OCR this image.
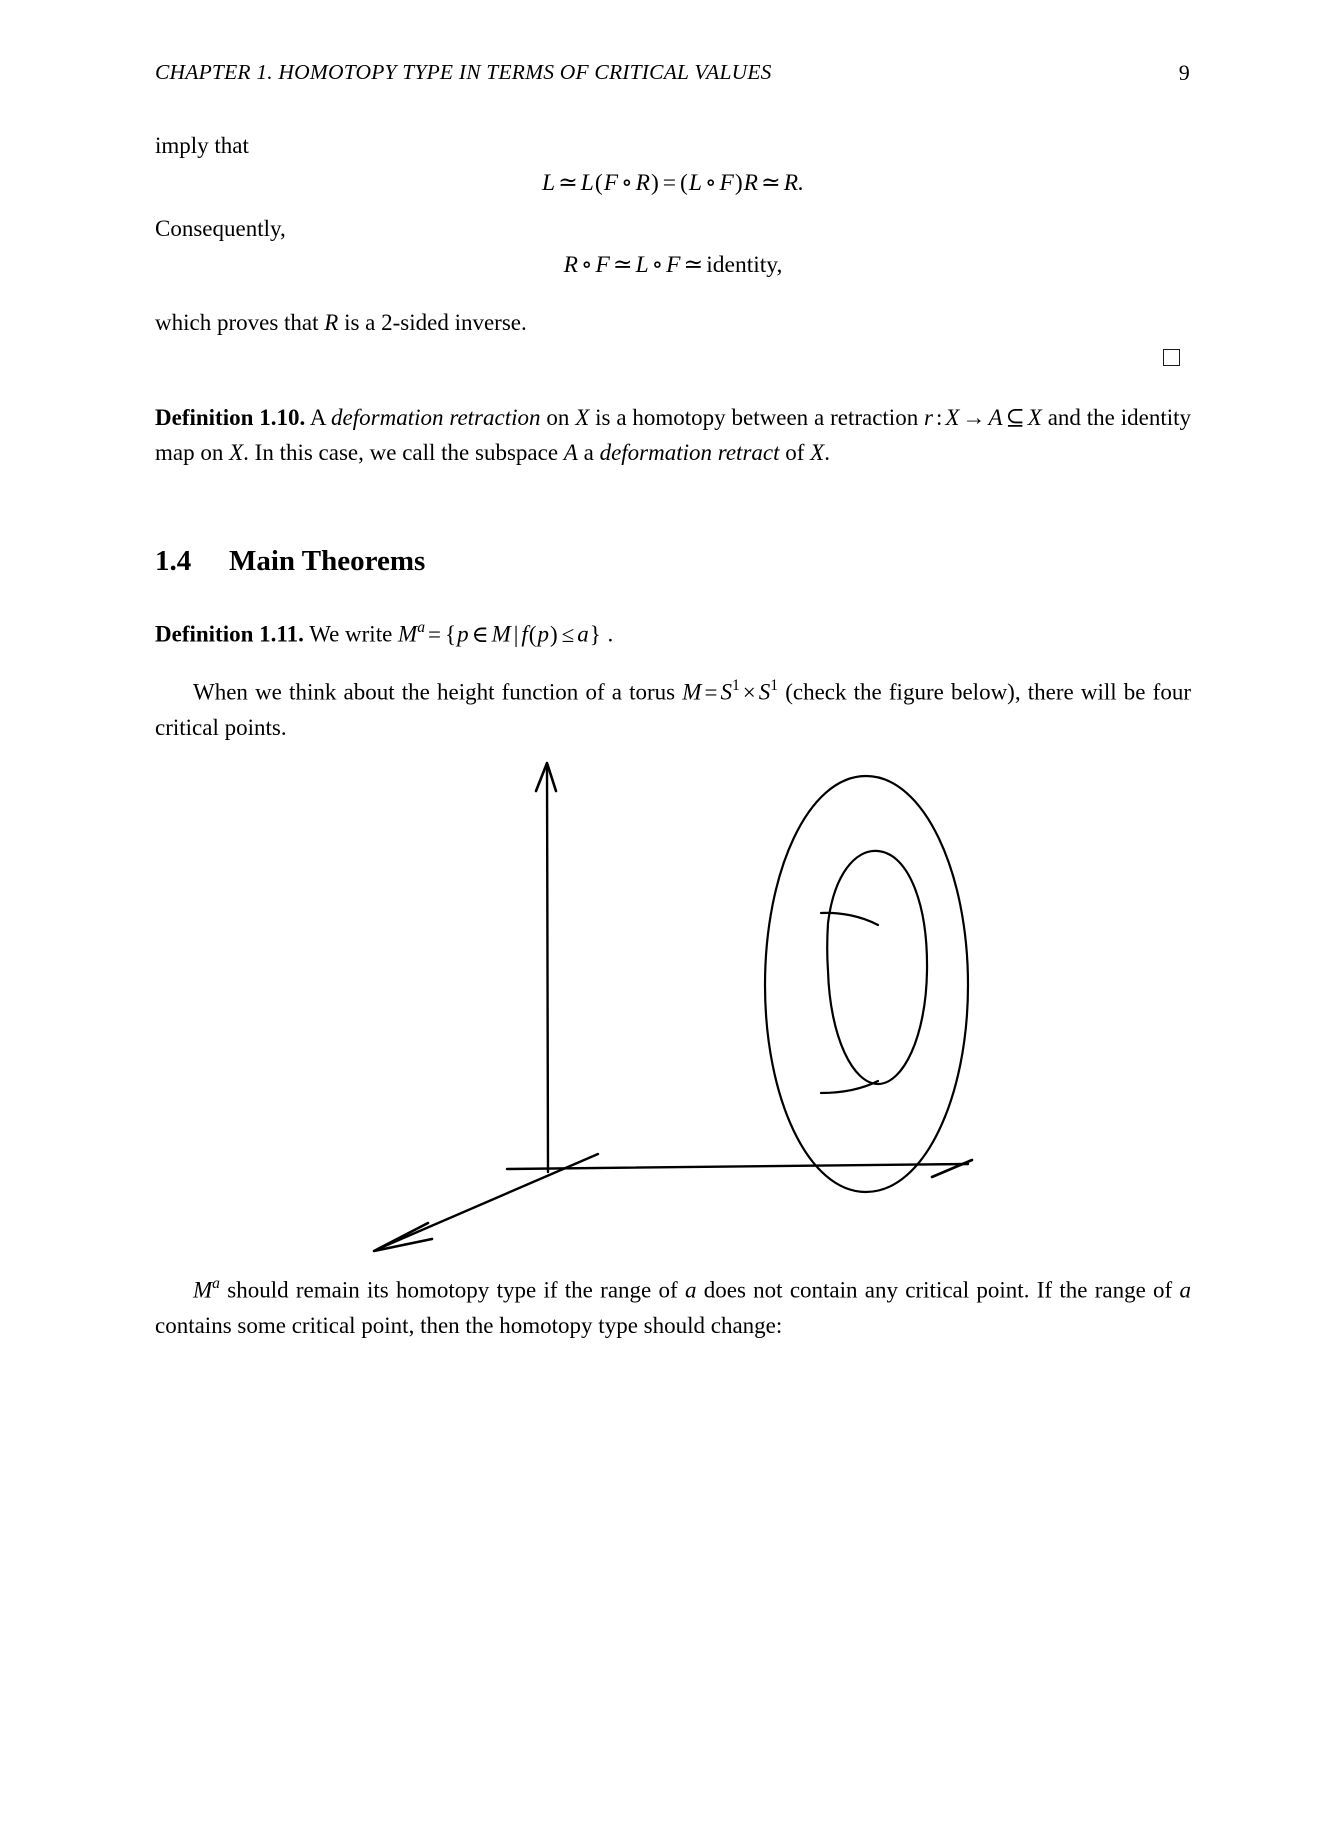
CHAPTER 1. HOMOTOPY TYPE IN TERMS OF CRITICAL VALUES	9
imply that
L ≃ L(F ∘ R) = (L ∘ F)R ≃ R.
Consequently,
R ∘ F ≃ L ∘ F ≃ identity,
which proves that R is a 2-sided inverse.
Definition 1.10. A deformation retraction on X is a homotopy between a retraction r : X → A ⊆ X and the identity map on X. In this case, we call the subspace A a deformation retract of X.
1.4 Main Theorems
Definition 1.11. We write $M^a = \{p$ ∈ M | f(p) ≤ a} .
When we think about the height function of a torus $M = S^1 \times S^1$ (check the figure below), there will be four critical points.
$M^a$ should remain its homotopy type if the range of a does not contain any critical point. If the range of a contains some critical point, then the homotopy type should change:
